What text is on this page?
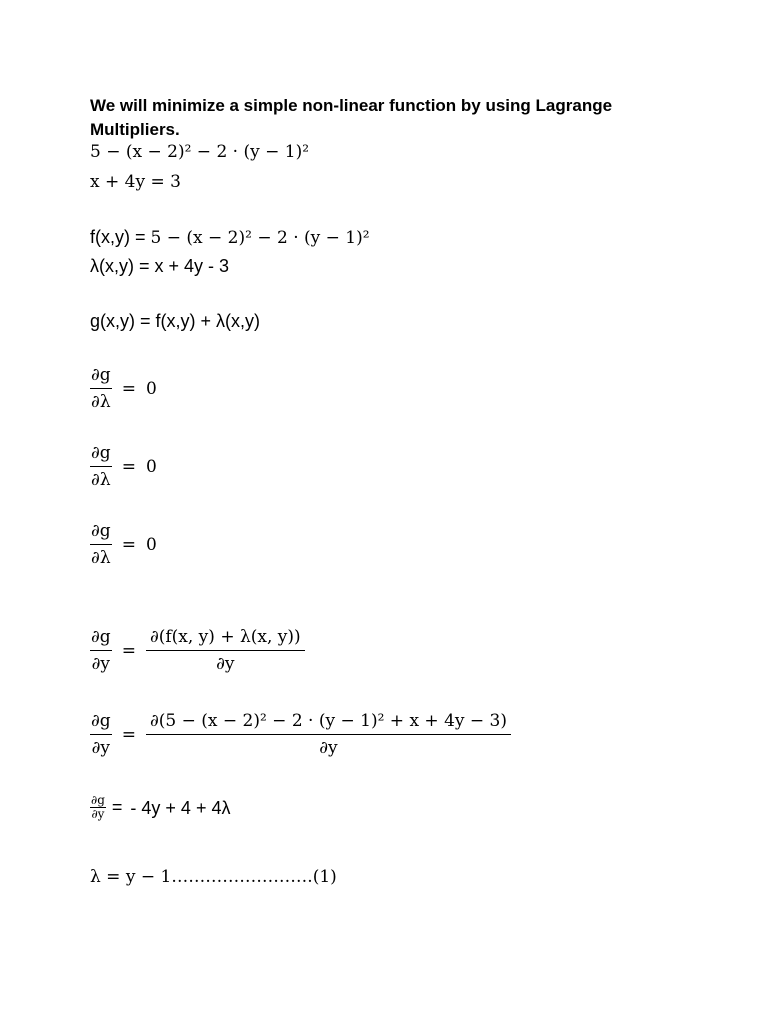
We will minimize a simple non-linear function by using Lagrange Multipliers.
5 − (x − 2)² − 2 · (y − 1)²
x + 4y = 3
f(x,y) = 5 − (x − 2)² − 2 · (y − 1)²
λ(x,y) = x + 4y - 3
g(x,y) = f(x,y) + λ(x,y)
$\frac{\partial g}{\partial\lambda} = 0$
$\frac{\partial g}{\partial\lambda} = 0$
$\frac{\partial g}{\partial\lambda} = 0$
$\frac{\partial g}{\partial y} = \frac{\partial(f(x, y) + \lambda(x, y))}{\partial y}$
$\frac{\partial g}{\partial y} = \frac{\text{∂(5 − (x − 2)² − 2 · (y − 1)² + x + 4y − 3)}}{\partial y}$
$\frac{\partial g}{\partial y}$ = - 4y + 4 + 4λ
λ = y − 1…………………….(1)
